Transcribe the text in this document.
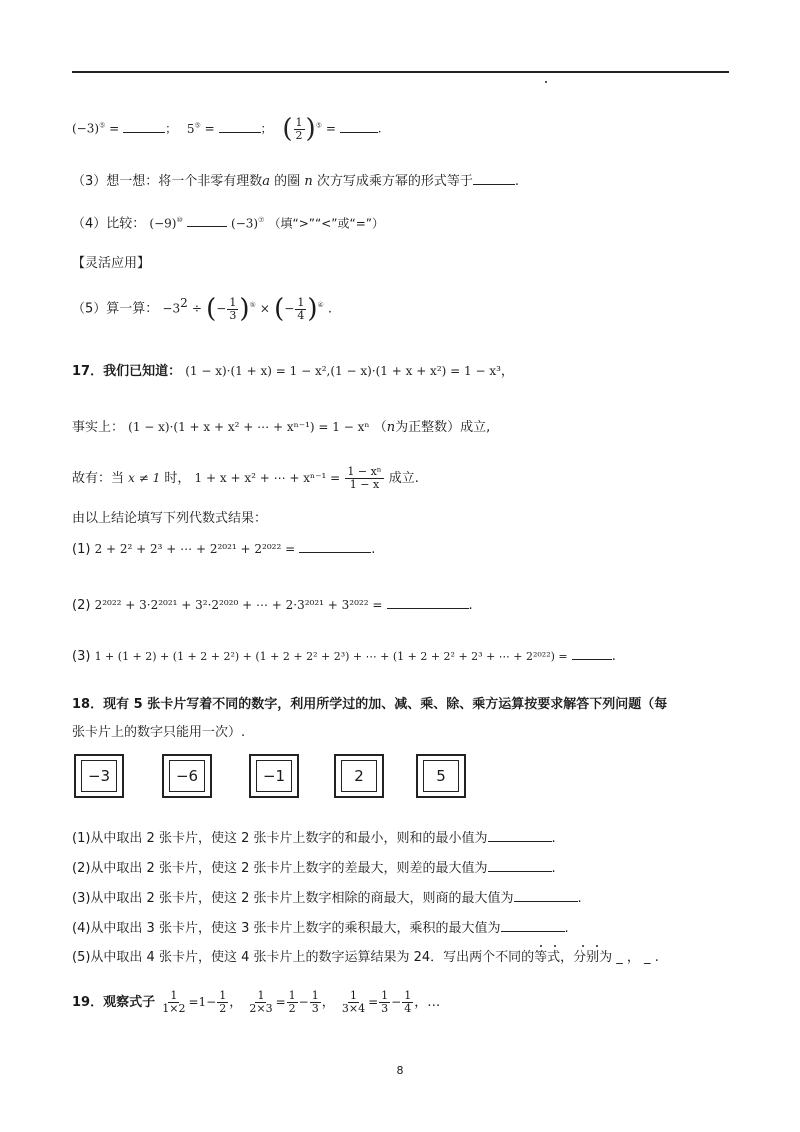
(−3)⑤ =	； 5⑤ =	； ( $\frac{1}{2} )^⑤$ =	.
（3）想一想：将一个非零有理数a 的圈 n 次方写成乘方幂的形式等于	.
（4）比较： (−9)⑩	(−3)⑦ （填“>”“<”或“=”）
【灵活应用】
（5）算一算： $-3^2$ ÷ (− $\frac{1}{3} )^⑤$ × (− $\frac{1}{4} )^④$ .
17．我们已知道： (1 − x)·(1 + x) = 1 − x²,(1 − x)·(1 + x + x²) = 1 − x³，
事实上： (1 − x)·(1 + x + x² + ⋯ + xⁿ⁻¹) = 1 − xⁿ （n为正整数）成立,
故有：当 x ≠ 1 时， 1 + x + x² + ⋯ + $x^{n-1} = \frac{\text{1 − xⁿ}}{1 - x}$ 成立.
由以上结论填写下列代数式结果：
(1) 2 + 2² + 2³ + ⋯ + 2²⁰²¹ + 2²⁰²² =	.
(2) 2²⁰²² + 3·2²⁰²¹ + 3²·2²⁰²⁰ + ⋯ + 2·3²⁰²¹ + 3²⁰²² =	.
(3) 1 + (1 + 2) + (1 + 2 + 2²) + (1 + 2 + 2² + 2³) + ⋯ + (1 + 2 + 2² + 2³ + ⋯ + 2²⁰²²) =	.
18．现有 5 张卡片写着不同的数字，利用所学过的加、减、乘、除、乘方运算按要求解答下列问题（每
张卡片上的数字只能用一次）.
−3	−6	−1	2	5
(1)从中取出 2 张卡片，使这 2 张卡片上数字的和最小，则和的最小值为	.
(2)从中取出 2 张卡片，使这 2 张卡片上数字的差最大，则差的最大值为	.
(3)从中取出 2 张卡片，使这 2 张卡片上数字相除的商最大，则商的最大值为	.
(4)从中取出 3 张卡片，使这 3 张卡片上数字的乘积最大，乘积的最大值为	.
(5)从中取出 4 张卡片，使这 4 张卡片上的数字运算结果为 24．写出两个不同的等式，分别为 _ ， _ .
19．观察式子 $\frac{1}{1\times 2} =1- \frac{1}{2}$ ， $\frac{1}{2\times 3} = \frac{1}{2} - \frac{1}{3}$ ， $\frac{1}{3\times 4} = \frac{1}{3} - \frac{1}{4}$ ，…
8
